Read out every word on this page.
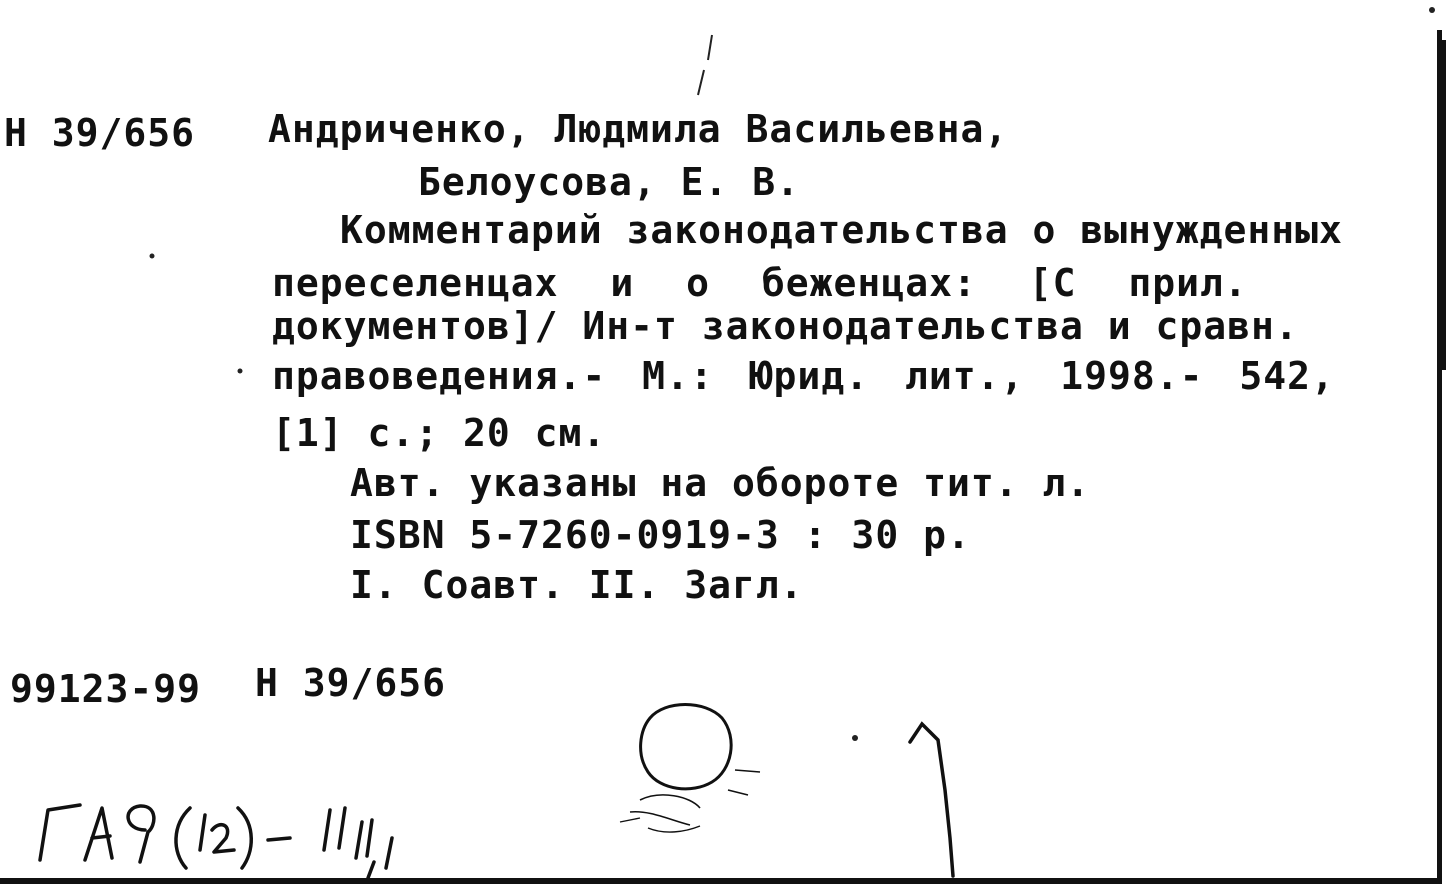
Н 39/656 Андриченко, Людмила Васильевна,
Белоусова, Е. В.
Комментарий законодательства о вынужденных
переселенцах и о беженцах: [С прил.
документов]/ Ин-т законодательства и сравн.
правоведения.- М.: Юрид. лит., 1998.- 542,
[1] с.; 20 см.
Авт. указаны на обороте тит. л.
ISBN 5-7260-0919-3 : 30 р.
I. Соавт. II. Загл.
99123-99 Н 39/656
